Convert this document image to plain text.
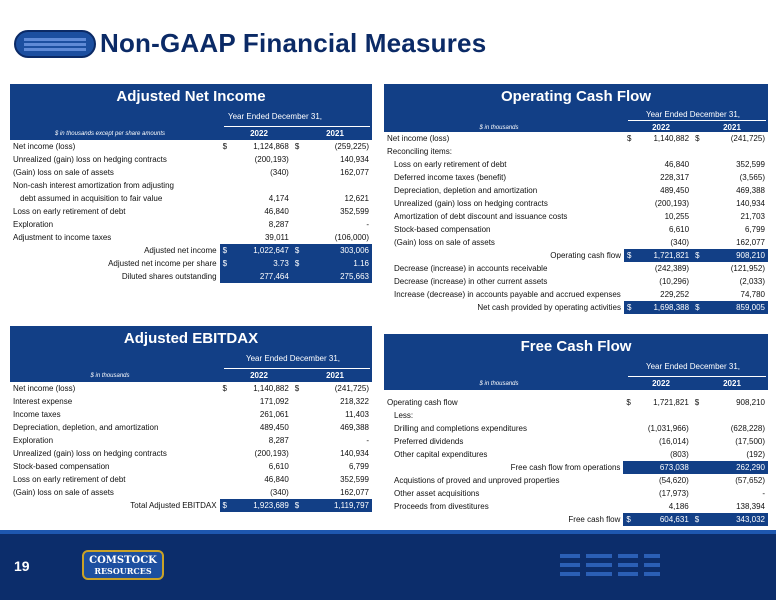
Non-GAAP Financial Measures
Adjusted Net Income
Year Ended December 31,
$ in thousands except per share amounts	2022	2021
Net income (loss)	$	1,124,868	$	(259,225)
Unrealized (gain) loss on hedging contracts		(200,193)		140,934
(Gain) loss on sale of assets		(340)		162,077
Non-cash interest amortization from adjusting				
debt assumed in acquisition to fair value		4,174		12,621
Loss on early retirement of debt		46,840		352,599
Exploration		8,287		-
Adjustment to income taxes		39,011		(106,000)
Adjusted net income	$	1,022,647	$	303,006
Adjusted net income per share	$	3.73	$	1.16
Diluted shares outstanding		277,464		275,663
Adjusted EBITDAX
Year Ended December 31,
$ in thousands	2022	2021
Net income (loss)	$	1,140,882	$	(241,725)
Interest expense		171,092		218,322
Income taxes		261,061		11,403
Depreciation, depletion, and amortization		489,450		469,388
Exploration		8,287		-
Unrealized (gain) loss on hedging contracts		(200,193)		140,934
Stock-based compensation		6,610		6,799
Loss on early retirement of debt		46,840		352,599
(Gain) loss on sale of assets		(340)		162,077
Total Adjusted EBITDAX	$	1,923,689	$	1,119,797
Operating Cash Flow
Year Ended December 31,
$ in thousands	2022	2021
Net income (loss)	$	1,140,882	$	(241,725)
Reconciling items:				
Loss on early retirement of debt		46,840		352,599
Deferred income taxes (benefit)		228,317		(3,565)
Depreciation, depletion and amortization		489,450		469,388
Unrealized (gain) loss on hedging contracts		(200,193)		140,934
Amortization of debt discount and issuance costs		10,255		21,703
Stock-based compensation		6,610		6,799
(Gain) loss on sale of assets		(340)		162,077
Operating cash flow	$	1,721,821	$	908,210
Decrease (increase) in accounts receivable		(242,389)		(121,952)
Decrease (increase) in other current assets		(10,296)		(2,033)
Increase (decrease) in accounts payable and accrued expenses		229,252		74,780
Net cash provided by operating activities	$	1,698,388	$	859,005
Free Cash Flow
Year Ended December 31,
$ in thousands	2022	2021
Operating cash flow	$	1,721,821	$	908,210
Less:				
Drilling and completions expenditures		(1,031,966)		(628,228)
Preferred dividends		(16,014)		(17,500)
Other capital expenditures		(803)		(192)
Free cash flow from operations	673,038		262,290	
Acquistions of proved and unproved properties		(54,620)		(57,652)
Other asset acquisitions		(17,973)		-
Proceeds from divestitures		4,186		138,394
Free cash flow	$	604,631	$	343,032
19	COMSTOCK
RESOURCES
